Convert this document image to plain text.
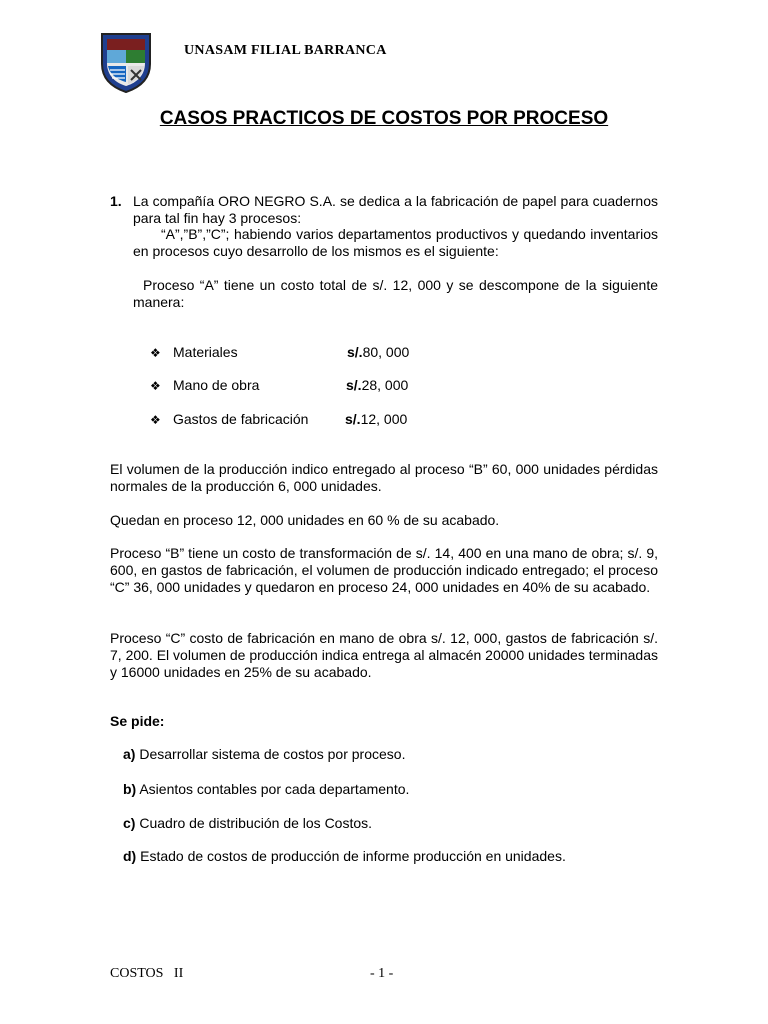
UNASAM FILIAL BARRANCA
CASOS PRACTICOS DE COSTOS POR PROCESO
1. La compañía ORO NEGRO S.A. se dedica a la fabricación de papel para cuadernos para tal fin hay 3 procesos:
“A”,”B”,”C”; habiendo varios departamentos productivos y quedando inventarios en procesos cuyo desarrollo de los mismos es el siguiente:
Proceso “A” tiene un costo total de s/. 12, 000 y se descompone de la siguiente manera:
❖ Materiales	s/.80, 000
❖ Mano de obra	s/.28, 000
❖ Gastos de fabricación	s/.12, 000
El volumen de la producción indico entregado al proceso “B” 60, 000 unidades pérdidas normales de la producción 6, 000 unidades.
Quedan en proceso 12, 000 unidades en 60 % de su acabado.
Proceso “B” tiene un costo de transformación de s/. 14, 400 en una mano de obra; s/. 9, 600, en gastos de fabricación, el volumen de producción indicado entregado; el proceso “C” 36, 000 unidades y quedaron en proceso 24, 000 unidades en 40% de su acabado.
Proceso “C” costo de fabricación en mano de obra s/. 12, 000, gastos de fabricación s/. 7, 200. El volumen de producción indica entrega al almacén 20000 unidades terminadas y 16000 unidades en 25% de su acabado.
Se pide:
a) Desarrollar sistema de costos por proceso.
b) Asientos contables por cada departamento.
c) Cuadro de distribución de los Costos.
d) Estado de costos de producción de informe producción en unidades.
COSTOS   II	- 1 -
